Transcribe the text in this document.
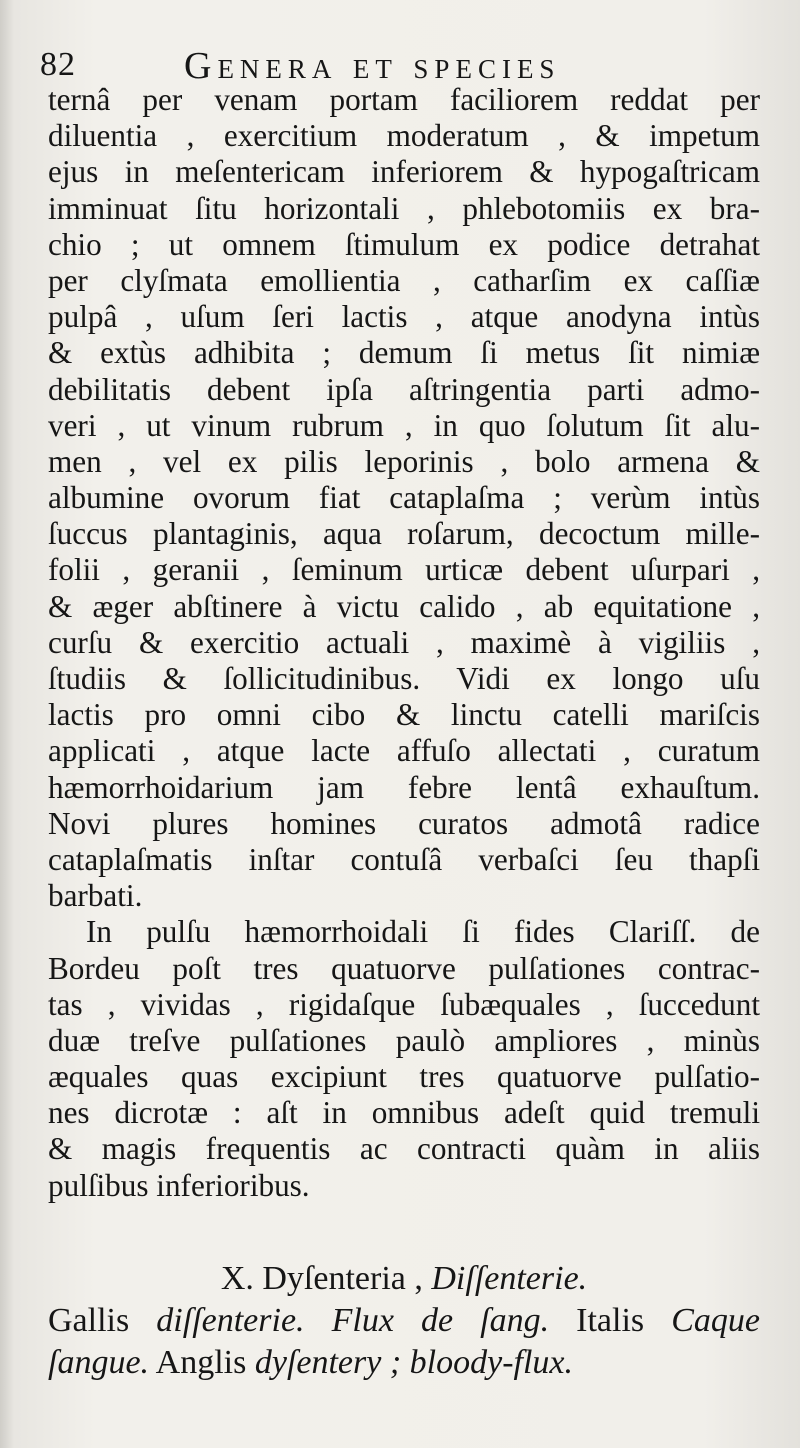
82	Genera et species
ternâ per venam portam faciliorem reddat per
diluentia , exercitium moderatum , & impetum
ejus in meſentericam inferiorem & hypogaſtricam
imminuat ſitu horizontali , phlebotomiis ex bra-
chio ; ut omnem ſtimulum ex podice detrahat
per clyſmata emollientia , catharſim ex caſſiæ
pulpâ , uſum ſeri lactis , atque anodyna intùs
& extùs adhibita ; demum ſi metus ſit nimiæ
debilitatis debent ipſa aſtringentia parti admo-
veri , ut vinum rubrum , in quo ſolutum ſit alu-
men , vel ex pilis leporinis , bolo armena &
albumine ovorum fiat cataplaſma ; verùm intùs
ſuccus plantaginis, aqua roſarum, decoctum mille-
folii , geranii , ſeminum urticæ debent uſurpari ,
& æger abſtinere à victu calido , ab equitatione ,
curſu & exercitio actuali , maximè à vigiliis ,
ſtudiis & ſollicitudinibus. Vidi ex longo uſu
lactis pro omni cibo & linctu catelli mariſcis
applicati , atque lacte affuſo allectati , curatum
hæmorrhoidarium jam febre lentâ exhauſtum.
Novi plures homines curatos admotâ radice
cataplaſmatis inſtar contuſâ verbaſci ſeu thapſi
barbati.
In pulſu hæmorrhoidali ſi fides Clariſſ. de
Bordeu poſt tres quatuorve pulſationes contrac-
tas , vividas , rigidaſque ſubæquales , ſuccedunt
duæ treſve pulſationes paulò ampliores , minùs
æquales quas excipiunt tres quatuorve pulſatio-
nes dicrotæ : aſt in omnibus adeſt quid tremuli
& magis frequentis ac contracti quàm in aliis
pulſibus inferioribus.
X. Dyſenteria , Diſſenterie.
Gallis diſſenterie. Flux de ſang. Italis Caque
ſangue. Anglis dyſentery ; bloody-flux.
